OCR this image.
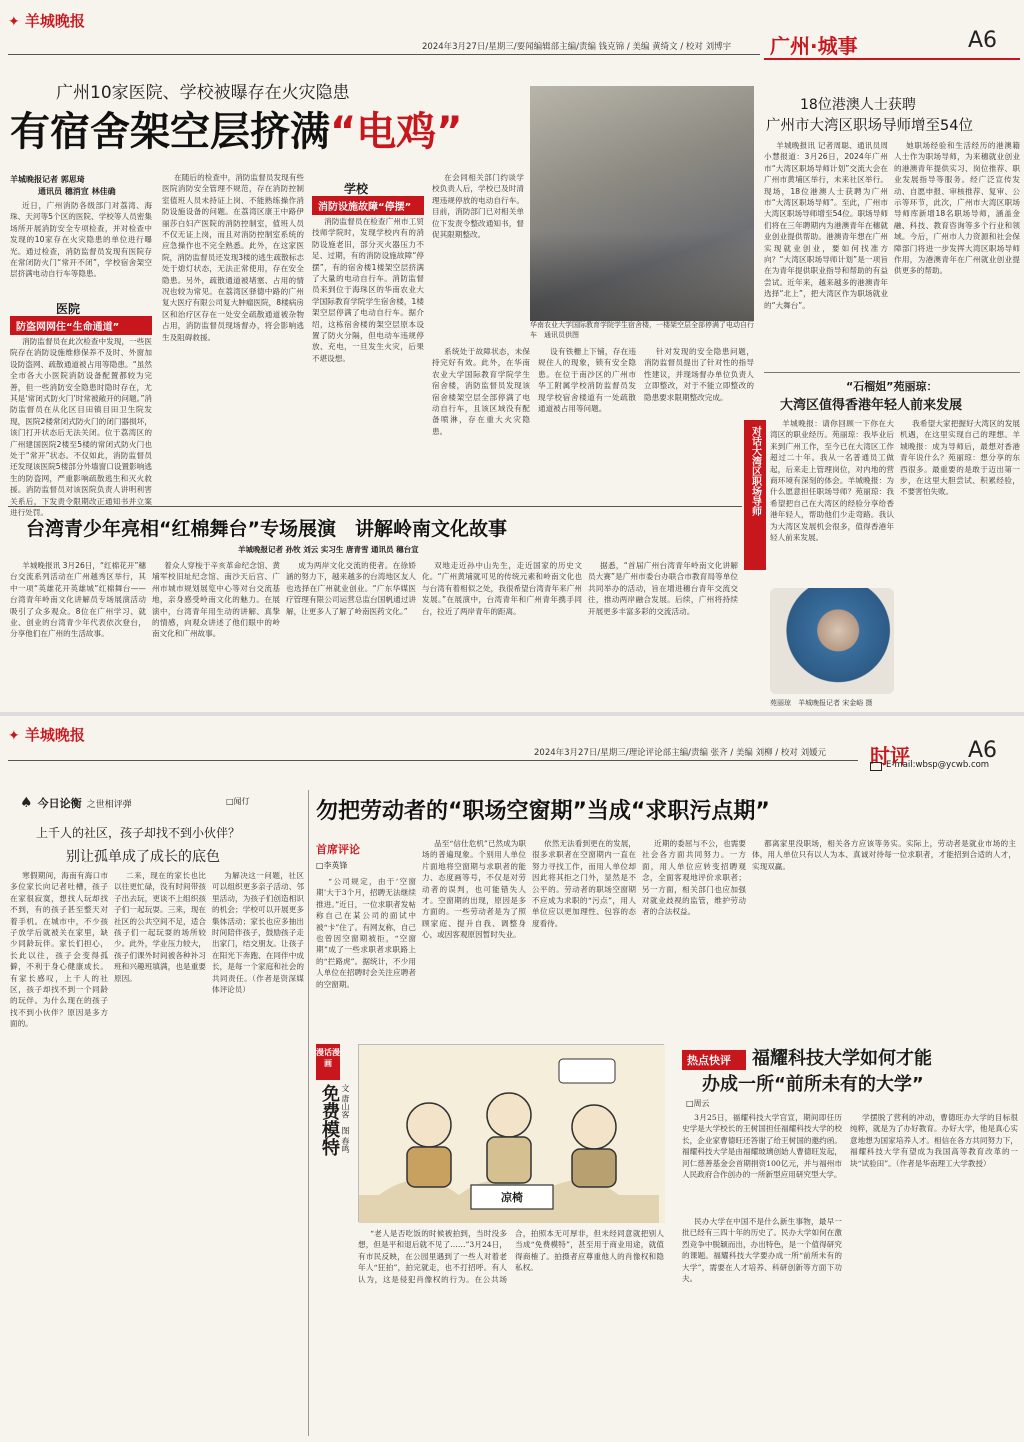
✦ 羊城晚报
2024年3月27日/星期三/要闻编辑部主编/责编 钱克锦 / 美编 黄绮文 / 校对 刘博宇	广州·城事	A6
广州10家医院、学校被曝存在火灾隐患
有宿舍架空层挤满“电鸡”
华南农业大学国际教育学院学生宿舍楼，一楼架空层全部停满了电动自行车　通讯员供图
羊城晚报记者 郭思琦
通讯员 穗消宣 林佳确
近日，广州消防各级部门对荔湾、海珠、天河等5个区的医院、学校等人员密集场所开展消防安全专项检查，并对检查中发现的10家存在火灾隐患的单位进行曝光。通过检查，消防监督员发现有医院存在常闭防火门“常开不闭”，学校宿舍架空层挤满电动自行车等隐患。
医院
防盗网网住“生命通道”
消防监督员在此次检查中发现，一些医院存在消防设施维修保养不及时、外窗加设防盗网、疏散通道被占用等隐患。“虽然全市各大小医院消防设备配置都较为完善，但一些消防安全隐患时隐时存在，尤其是‘常闭式防火门’时常被敞开的问题。”消防监督员在从化区目田镇目田卫生院发现，医院2楼常闭式防火门的闭门器损坏，该门打开状态后无法关闭。位于荔湾区的广州建国医院2楼至5楼的常闭式防火门也处于“常开”状态。不仅如此，消防监督员还发现该医院5楼部分外墙窗口设置影响逃生的防盗网，严重影响疏散逃生和灭火救援。消防监督员对该医院负责人讲明利害关系后，下发责令限期改正通知书并立案进行处罚。
在随后的检查中，消防监督员发现有些医院消防安全管理不规范，存在消防控制室值班人员未持证上岗、不能熟练操作消防设施设备的问题。在荔湾区康王中路伊丽莎白妇产医院的消防控制室，值班人员不仅无证上岗，而且对消防控制室系统的应急操作也不完全熟悉。此外，在这家医院，消防监督员还发现3楼的逃生疏散标志处于熄灯状态，无法正常使用，存在安全隐患。另外，疏散通道被堵塞、占用的情况也较为常见。在荔湾区驿德中路的广州复大医疗有限公司复大肿瘤医院，8楼病房区和治疗区存在一处安全疏散通道被杂物占用，消防监督员现场督办，将会影响逃生及阻碍救援。
学校
消防设施故障“停摆”
消防监督员在检查广州市工贸技师学院时，发现学校内有的消防设施老旧，部分灭火器压力不足、过期，有的消防设施故障“停摆”，有的宿舍楼1楼架空层挤满了大量的电动自行车。消防监督员来到位于海珠区的华南农业大学国际教育学院学生宿舍楼，1楼架空层停满了电动自行车。据介绍，这栋宿舍楼的架空层原本设置了防火分隔，但电动车违规停放、充电，一旦发生火灾，后果不堪设想。
在会同相关部门约谈学校负责人后，学校已及时清理违规停放的电动自行车。目前，消防部门已对相关单位下发责令整改通知书，督促其限期整改。
系统处于故障状态，未保持完好有效。此外，在华南农业大学国际教育学院学生宿舍楼，消防监督员发现该宿舍楼架空层全部停满了电动自行车，且该区域没有配备喷淋，存在重大火灾隐患。
设有铁栅上下铺，存在违规住人的现象，锁有安全隐患。在位于南沙区的广州市华工附属学校消防监督员发现学校宿舍楼道有一处疏散通道被占用等问题。
针对发现的安全隐患问题，消防监督员提出了针对性的指导性建议，并现场督办单位负责人立即整改，对于不能立即整改的隐患要求限期整改完成。
18位港澳人士获聘
广州市大湾区职场导师增至54位
羊城晚报讯 记者周聪、通讯员周小慧报道：3月26日，2024年广州市“大湾区职场导师计划”交流大会在广州市黄埔区举行，未来社区举行。现场，18位港澳人士获聘为广州市“大湾区职场导师”。至此，广州市大湾区职场导师增至54位。职场导师们将在三年聘期内为港澳青年在穗就业创业提供帮助。港澳青年想在广州实现就业创业，要如何找准方向？“大湾区职场导师计划”是一项旨在为青年提供职业指导和帮助的有益尝试。近年来，越来越多的港澳青年选择“北上”，把大湾区作为职场就业的“大舞台”。
她职场经验和生活经历的港澳籍人士作为职场导师，为来穗就业创业的港澳青年提供实习、岗位推荐、职业发展指导等服务。经广泛宣传发动、自愿申报、审核推荐、复审、公示等环节，此次，广州市大湾区职场导师库新增18名职场导师，涵盖金融、科技、教育咨询等多个行业和领域。今后，广州市人力资源和社会保障部门将进一步发挥大湾区职场导师作用，为港澳青年在广州就业创业提供更多的帮助。
“石榴姐”苑丽琼：
大湾区值得香港年轻人前来发展
对话大湾区职场导师
羊城晚报：请你回顾一下你在大湾区的职业经历。苑丽琼：我毕业后来到广州工作，至今已在大湾区工作超过二十年。我从一名普通员工做起，后来走上管理岗位，对内地的营商环境有深刻的体会。羊城晚报：为什么愿意担任职场导师？苑丽琼：我希望把自己在大湾区的经验分享给香港年轻人，帮助他们少走弯路。我认为大湾区发展机会很多，值得香港年轻人前来发展。
我希望大家把握好大湾区的发展机遇，在这里实现自己的理想。羊城晚报：成为导师后，最想对香港青年说什么？苑丽琼：想分享的东西很多。最重要的是敢于迈出第一步，在这里大胆尝试、积累经验，不要害怕失败。
苑丽琼　羊城晚报记者 宋金峪 摄
台湾青少年亮相“红棉舞台”专场展演　讲解岭南文化故事
羊城晚报记者 孙牧 刘云 实习生 唐青雪 通讯员 穗台宣
羊城晚报讯 3月26日，“红棉花开”穗台交流系列活动在广州越秀区举行，其中一项“英雄花开英雄城”红棉舞台——台湾青年岭南文化讲解员专场展演活动吸引了众多观众。8位在广州学习、就业、创业的台湾青少年代表依次登台，分享他们在广州的生活故事。
着众人穿梭于辛亥革命纪念馆、黄埔军校旧址纪念馆、南沙天后宫、广州市城市规划展览中心等对台交流基地，亲身感受岭南文化的魅力。在展演中，台湾青年用生动的讲解、真挚的情感，向观众讲述了他们眼中的岭南文化和广州故事。
成为两岸文化交流的使者。在徐娇涵的努力下，越来越多的台湾地区友人也选择在广州就业创业。“广东华媒医疗管理有限公司运营总监台国帆通过讲解，让更多人了解了岭南医药文化。”
双地走近孙中山先生，走近国家的历史文化。“广州黄埔就可见的传统元素和岭南文化也与台湾有着相似之处，我很希望台湾青年来广州发展。”在展演中，台湾青年和广州青年携手同台，拉近了两岸青年的距离。
据悉，“首届广州台湾青年岭南文化讲解员大赛”是广州市委台办联合市教育局等单位共同举办的活动，旨在增进穗台青年交流交往，推动两岸融合发展。后续，广州将持续开展更多丰富多彩的交流活动。
✦ 羊城晚报
2024年3月27日/星期三/理论评论部主编/责编 张齐 / 美编 刘柳 / 校对 刘媛元	时评	A6
E-mail:wbsp@ycwb.com
♠ 今日论衡 之世相评弹	□闻仃
上千人的社区，孩子却找不到小伙伴？
别让孤单成了成长的底色
寒假期间，海南有海口市多位家长向记者吐槽，孩子在家很寂寞，想找人玩却找不到，有的孩子甚至整天对着手机。在城市中，不少孩子放学后就被关在家里，缺少同龄玩伴。家长们担心，长此以往，孩子会变得孤僻，不利于身心健康成长。有家长感叹，上千人的社区，孩子却找不到一个同龄的玩伴。为什么现在的孩子找不到小伙伴？原因是多方面的。
二来，现在的家长也比以往更忙碌，没有时间带孩子出去玩，更谈不上组织孩子们一起玩耍。三来，现在社区的公共空间不足，适合孩子们一起玩耍的场所较少。此外，学业压力较大，孩子们课外时间被各种补习班和兴趣班填满，也是重要原因。
为解决这一问题，社区可以组织更多亲子活动、邻里活动，为孩子们创造相识的机会；学校可以开展更多集体活动；家长也应多抽出时间陪伴孩子，鼓励孩子走出家门，结交朋友。让孩子在阳光下奔跑、在同伴中成长，是每一个家庭和社会的共同责任。（作者是资深媒体评论员）
勿把劳动者的“职场空窗期”当成“求职污点期”
首席评论
□李英锋
“公司规定，由于‘空窗期’大于3个月，招聘无法继续推进。”近日，一位求职者发帖称自己在某公司的面试中被“卡”住了。有网友称，自己也曾因空窗期被拒，“空窗期”成了一些求职者求职路上的“拦路虎”。据统计，不少用人单位在招聘时会关注应聘者的空窗期。
品至“信仕危机”已然成为职场的普遍现象。个别用人单位片面地将空窗期与求职者的能力、态度画等号，不仅是对劳动者的误判，也可能错失人才。空窗期的出现，原因是多方面的。一些劳动者是为了照顾家庭、提升自我、调整身心，或因客观原因暂时失业。
依然无法看到更在的发展，很多求职者在空窗期内一直在努力寻找工作，而用人单位却因此将其拒之门外，显然是不公平的。劳动者的职场空窗期不应成为求职的“污点”，用人单位应以更加理性、包容的态度看待。
近期的委屈与不公，也需要社会各方面共同努力。一方面，用人单位应转变招聘观念，全面客观地评价求职者；另一方面，相关部门也应加强对就业歧视的监管，维护劳动者的合法权益。
都离家里没职场，相关各方应该等务实。实际上，劳动者是就业市场的主体，用人单位只有以人为本、真诚对待每一位求职者，才能招到合适的人才，实现双赢。
漫话漫画
免费模特 文 唐山客　图 春鸣
凉椅
“老人是否吃饭的时候被拍到，当时没多想，但是平和退后就不见了……”3月24日，有市民反映，在公园里遇到了一些人对着老年人“狂拍”，拍完就走，也不打招呼。有人认为，这是侵犯肖像权的行为。在公共场合，拍照本无可厚非，但未经同意就把别人当成“免费模特”，甚至用于商业用途，就值得商榷了。拍摄者应尊重他人的肖像权和隐私权。
热点快评	福耀科技大学如何才能
办成一所“前所未有的大学”
□周云
3月25日，福耀科技大学官宣，期间即任历史学是大学校长的王树国担任福耀科技大学的校长，企业家曹德旺还答谢了给王树国的邀约函。福耀科技大学是由福耀玻璃创始人曹德旺发起，河仁慈善基金会首期捐资100亿元，并与福州市人民政府合作创办的一所新型应用研究型大学。
民办大学在中国不是什么新生事物，最早一批已经有三四十年的历史了。民办大学如何在激烈竞争中脱颖而出，办出特色，是一个值得研究的课题。福耀科技大学要办成一所“前所未有的大学”，需要在人才培养、科研创新等方面下功夫。
学摆脱了营利的冲动，曹德旺办大学的目标很纯粹，就是为了办好教育。办好大学，他是真心实意地想为国家培养人才。相信在各方共同努力下，福耀科技大学有望成为我国高等教育改革的一块“试验田”。（作者是华南理工大学教授）
